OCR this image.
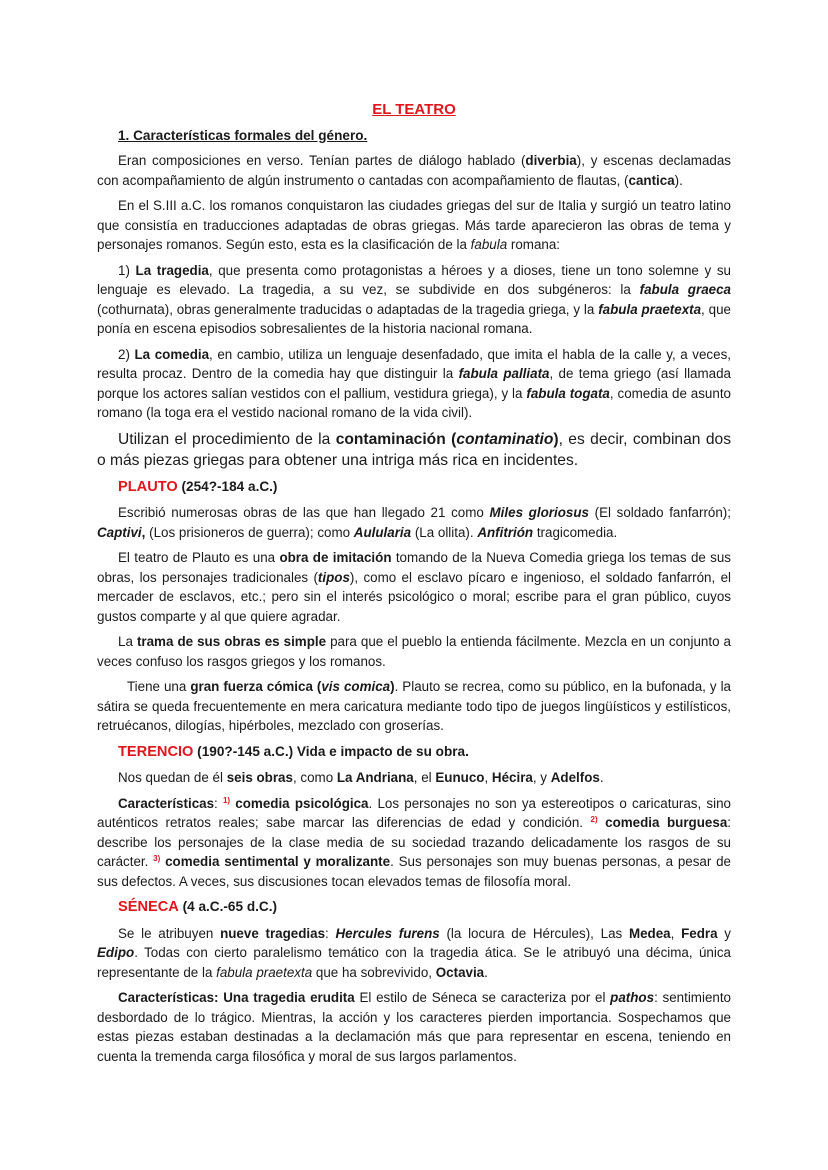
EL TEATRO
1. Características formales del género.

Eran composiciones en verso. Tenían partes de diálogo hablado (diverbia), y escenas declamadas con acompañamiento de algún instrumento o cantadas con acompañamiento de flautas, (cantica).

En el S.III a.C. los romanos conquistaron las ciudades griegas del sur de Italia y surgió un teatro latino que consistía en traducciones adaptadas de obras griegas. Más tarde aparecieron las obras de tema y personajes romanos. Según esto, esta es la clasificación de la fabula romana:

1) La tragedia, que presenta como protagonistas a héroes y a dioses, tiene un tono solemne y su lenguaje es elevado. La tragedia, a su vez, se subdivide en dos subgéneros: la fabula graeca (cothurnata), obras generalmente traducidas o adaptadas de la tragedia griega, y la fabula praetexta, que ponía en escena episodios sobresalientes de la historia nacional romana.

2) La comedia, en cambio, utiliza un lenguaje desenfadado, que imita el habla de la calle y, a veces, resulta procaz. Dentro de la comedia hay que distinguir la fabula palliata, de tema griego (así llamada porque los actores salían vestidos con el pallium, vestidura griega), y la fabula togata, comedia de asunto romano (la toga era el vestido nacional romano de la vida civil).

Utilizan el procedimiento de la contaminación (contaminatio), es decir, combinan dos o más piezas griegas para obtener una intriga más rica en incidentes.

PLAUTO (254?-184 a.C.)

Escribió numerosas obras de las que han llegado 21 como Miles gloriosus (El soldado fanfarrón); Captivi, (Los prisioneros de guerra); como Aulularia (La ollita). Anfitrión tragicomedia.

El teatro de Plauto es una obra de imitación tomando de la Nueva Comedia griega los temas de sus obras, los personajes tradicionales (tipos), como el esclavo pícaro e ingenioso, el soldado fanfarrón, el mercader de esclavos, etc.; pero sin el interés psicológico o moral; escribe para el gran público, cuyos gustos comparte y al que quiere agradar.

La trama de sus obras es simple para que el pueblo la entienda fácilmente. Mezcla en un conjunto a veces confuso los rasgos griegos y los romanos.

Tiene una gran fuerza cómica (vis comica). Plauto se recrea, como su público, en la bufonada, y la sátira se queda frecuentemente en mera caricatura mediante todo tipo de juegos lingüísticos y estilísticos, retruécanos, dilogías, hipérboles, mezclado con groserías.

TERENCIO (190?-145 a.C.) Vida e impacto de su obra.

Nos quedan de él seis obras, como La Andriana, el Eunuco, Hécira, y Adelfos.

Características: $^{1)}$ comedia psicológica. Los personajes no son ya estereotipos o caricaturas, sino auténticos retratos reales; sabe marcar las diferencias de edad y condición. $^{2)}$ comedia burguesa: describe los personajes de la clase media de su sociedad trazando delicadamente los rasgos de su carácter. $^{3)}$ comedia sentimental y moralizante. Sus personajes son muy buenas personas, a pesar de sus defectos. A veces, sus discusiones tocan elevados temas de filosofía moral.

SÉNECA (4 a.C.-65 d.C.)

Se le atribuyen nueve tragedias: Hercules furens (la locura de Hércules), Las Medea, Fedra y Edipo. Todas con cierto paralelismo temático con la tragedia ática. Se le atribuyó una décima, única representante de la fabula praetexta que ha sobrevivido, Octavia.

Características: Una tragedia erudita El estilo de Séneca se caracteriza por el pathos: sentimiento desbordado de lo trágico. Mientras, la acción y los caracteres pierden importancia. Sospechamos que estas piezas estaban destinadas a la declamación más que para representar en escena, teniendo en cuenta la tremenda carga filosófica y moral de sus largos parlamentos.
